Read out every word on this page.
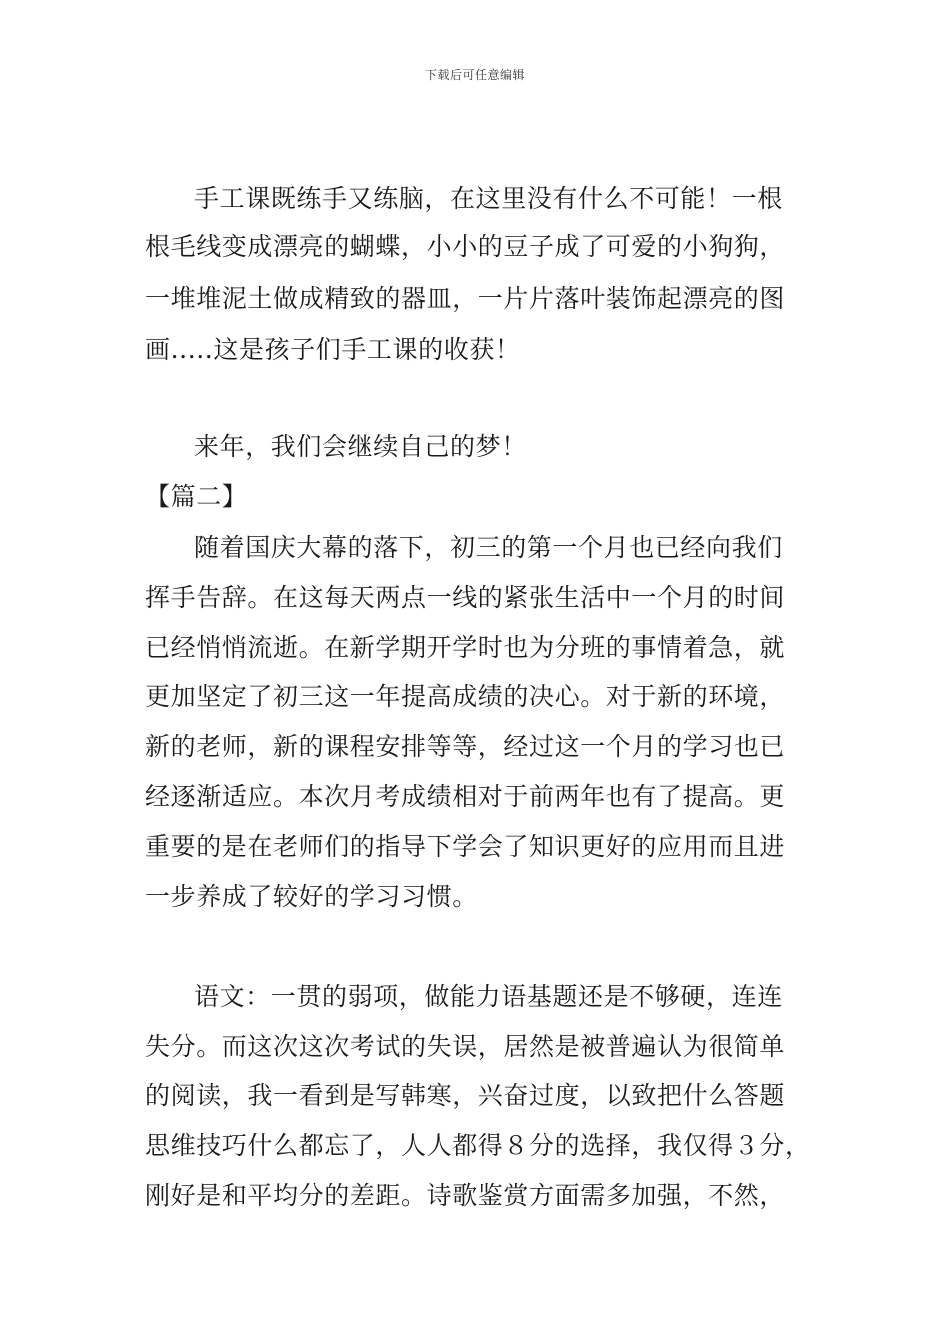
下载后可任意编辑
手工课既练手又练脑，在这里没有什么不可能！一根
根毛线变成漂亮的蝴蝶，小小的豆子成了可爱的小狗狗，
一堆堆泥土做成精致的器皿，一片片落叶装饰起漂亮的图
画.....这是孩子们手工课的收获！
来年，我们会继续自己的梦！
【篇二】
随着国庆大幕的落下，初三的第一个月也已经向我们
挥手告辞。在这每天两点一线的紧张生活中一个月的时间
已经悄悄流逝。在新学期开学时也为分班的事情着急，就
更加坚定了初三这一年提高成绩的决心。对于新的环境，
新的老师，新的课程安排等等，经过这一个月的学习也已
经逐渐适应。本次月考成绩相对于前两年也有了提高。更
重要的是在老师们的指导下学会了知识更好的应用而且进
一步养成了较好的学习习惯。
语文：一贯的弱项，做能力语基题还是不够硬，连连
失分。而这次这次考试的失误，居然是被普遍认为很简单
的阅读，我一看到是写韩寒，兴奋过度，以致把什么答题
思维技巧什么都忘了，人人都得８分的选择，我仅得３分，
刚好是和平均分的差距。诗歌鉴赏方面需多加强，不然，
